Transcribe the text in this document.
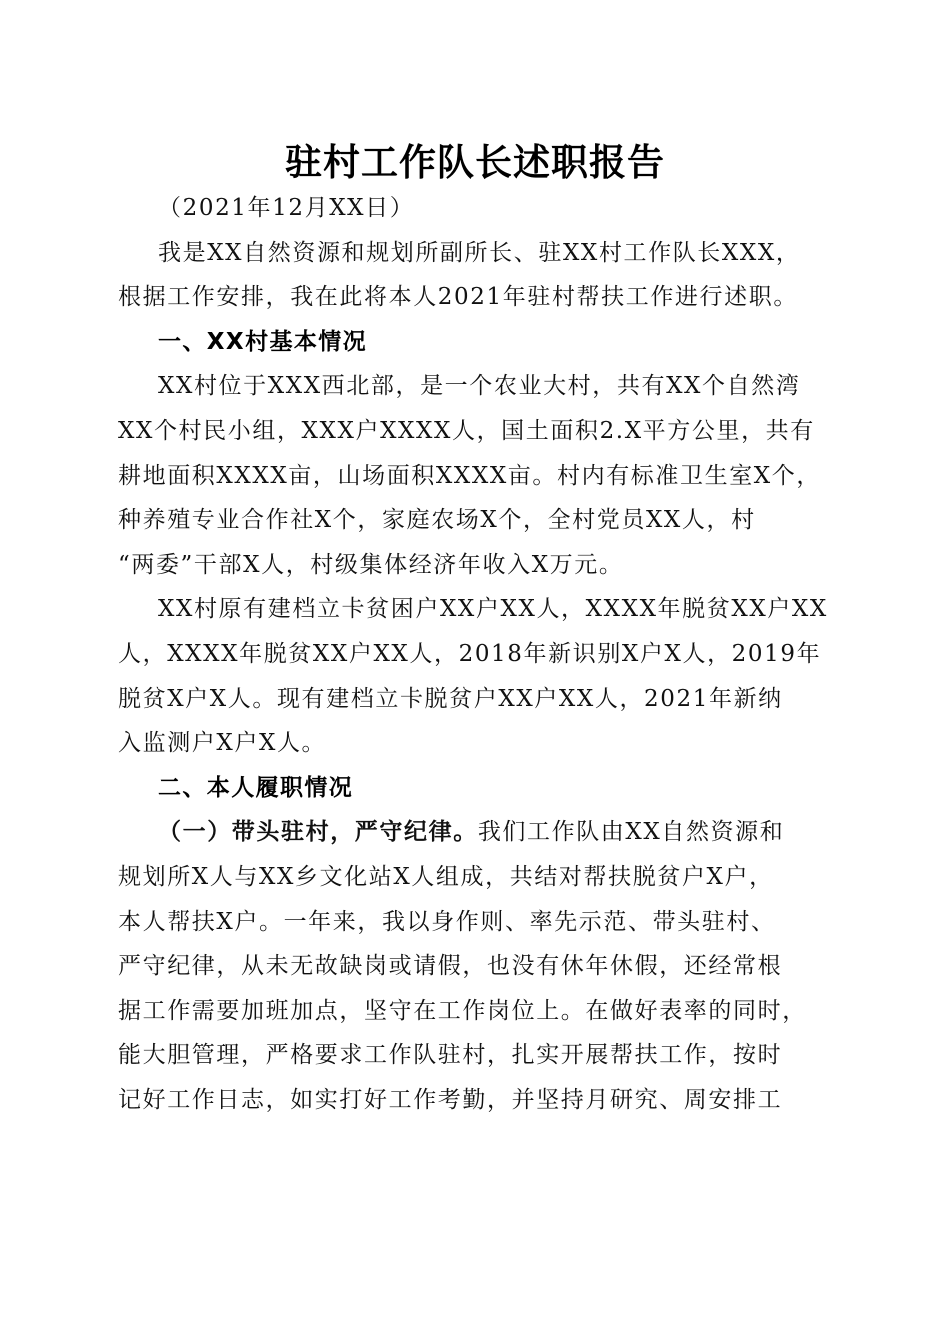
驻村工作队长述职报告
（2021年12月XX日）
我是XX自然资源和规划所副所长、驻XX村工作队长XXX，
根据工作安排，我在此将本人2021年驻村帮扶工作进行述职。
一、XX村基本情况
XX村位于XXX西北部，是一个农业大村，共有XX个自然湾
XX个村民小组，XXX户XXXX人，国土面积2.X平方公里，共有
耕地面积XXXX亩，山场面积XXXX亩。村内有标准卫生室X个，
种养殖专业合作社X个，家庭农场X个，全村党员XX人，村
“两委”干部X人，村级集体经济年收入X万元。
XX村原有建档立卡贫困户XX户XX人，XXXX年脱贫XX户XX
人，XXXX年脱贫XX户XX人，2018年新识别X户X人，2019年
脱贫X户X人。现有建档立卡脱贫户XX户XX人，2021年新纳
入监测户X户X人。
二、本人履职情况
（一）带头驻村，严守纪律。我们工作队由XX自然资源和
规划所X人与XX乡文化站X人组成，共结对帮扶脱贫户X户，
本人帮扶X户。一年来，我以身作则、率先示范、带头驻村、
严守纪律，从未无故缺岗或请假，也没有休年休假，还经常根
据工作需要加班加点，坚守在工作岗位上。在做好表率的同时，
能大胆管理，严格要求工作队驻村，扎实开展帮扶工作，按时
记好工作日志，如实打好工作考勤，并坚持月研究、周安排工
